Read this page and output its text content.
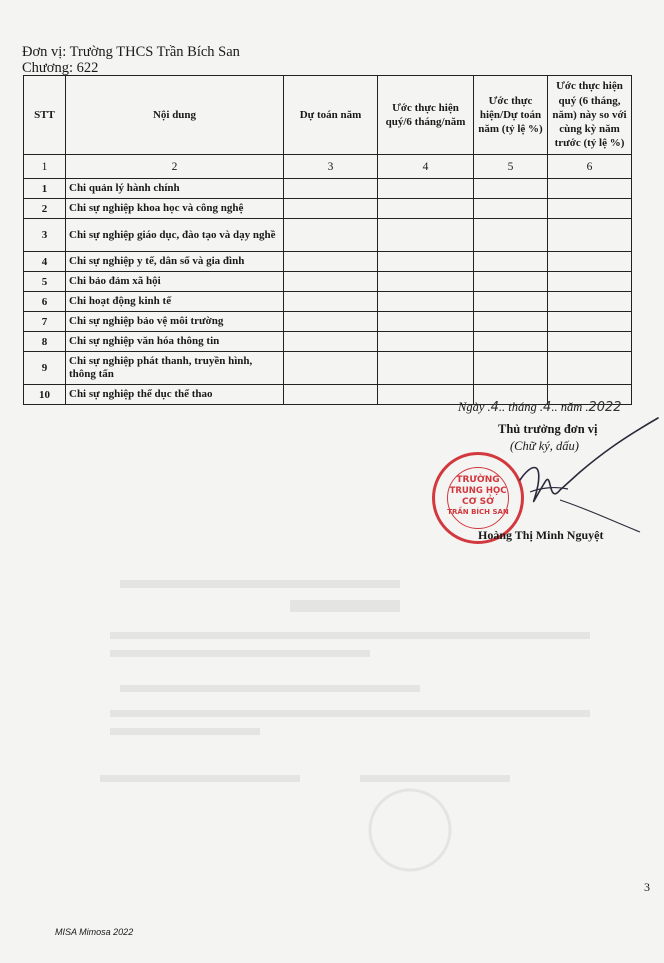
Đơn vị: Trường THCS Trần Bích San
Chương: 622
STT	Nội dung	Dự toán năm	Ước thực hiện quý/6 tháng/năm	Ước thực hiện/Dự toán năm (tỷ lệ %)	Ước thực hiện quý (6 tháng, năm) này so với cùng kỳ năm trước (tỷ lệ %)
1	2	3	4	5	6
1	Chi quản lý hành chính				
2	Chi sự nghiệp khoa học và công nghệ				
3	Chi sự nghiệp giáo dục, đào tạo và dạy nghề				
4	Chi sự nghiệp y tế, dân số và gia đình				
5	Chi bảo đảm xã hội				
6	Chi hoạt động kinh tế				
7	Chi sự nghiệp bảo vệ môi trường				
8	Chi sự nghiệp văn hóa thông tin				
9	Chi sự nghiệp phát thanh, truyền hình, thông tấn				
10	Chi sự nghiệp thể dục thể thao				
Ngày .4.. tháng .4.. năm .2022
Thủ trưởng đơn vị
(Chữ ký, dấu)
TRƯỜNG
TRUNG HỌC
CƠ SỞ
TRẦN BÍCH SAN
Hoàng Thị Minh Nguyệt
MISA Mimosa 2022
3
